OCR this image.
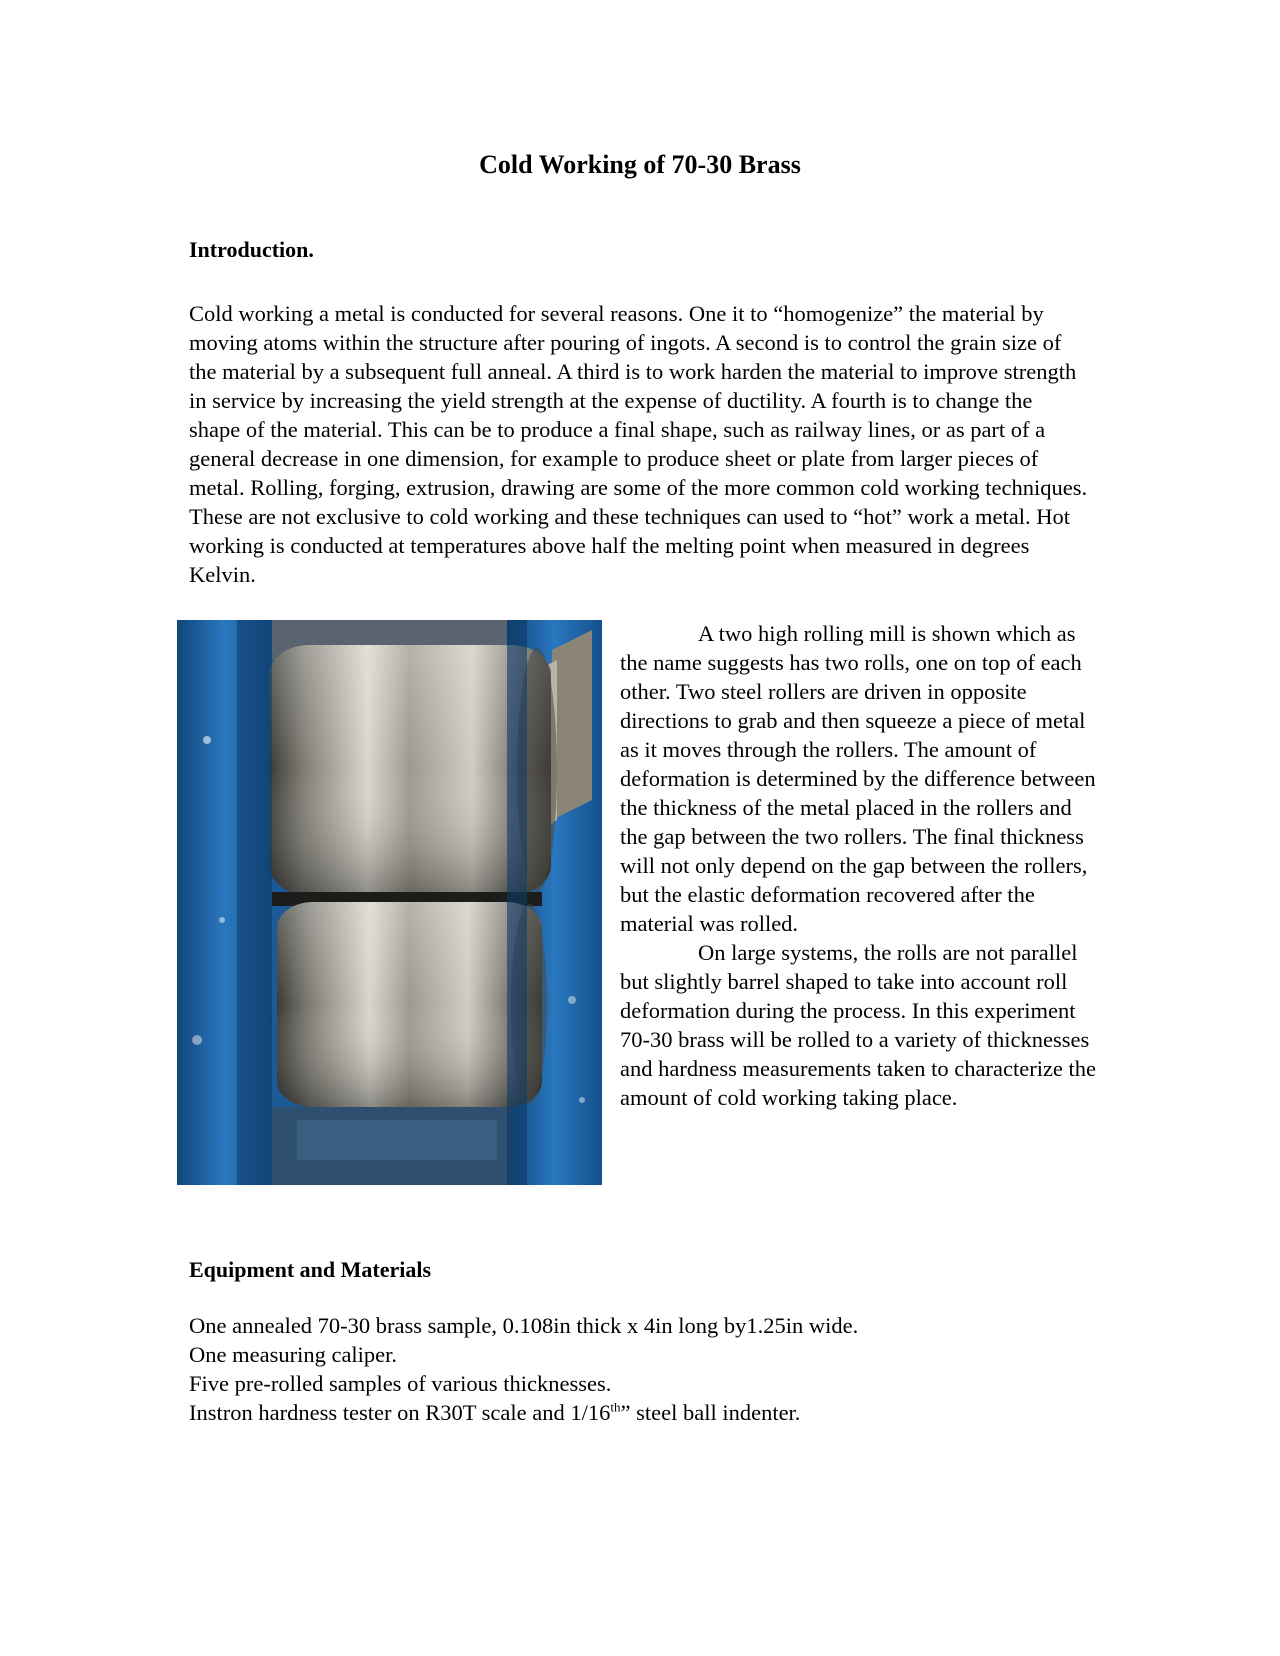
Cold Working of 70-30 Brass
Introduction.

Cold working a metal is conducted for several reasons. One it to “homogenize” the material by moving atoms within the structure after pouring of ingots. A second is to control the grain size of the material by a subsequent full anneal. A third is to work harden the material to improve strength in service by increasing the yield strength at the expense of ductility. A fourth is to change the shape of the material. This can be to produce a final shape, such as railway lines, or as part of a general decrease in one dimension, for example to produce sheet or plate from larger pieces of metal. Rolling, forging, extrusion, drawing are some of the more common cold working techniques. These are not exclusive to cold working and these techniques can used to “hot” work a metal. Hot working is conducted at temperatures above half the melting point when measured in degrees Kelvin.

A two high rolling mill is shown which as the name suggests has two rolls, one on top of each other. Two steel rollers are driven in opposite directions to grab and then squeeze a piece of metal as it moves through the rollers. The amount of deformation is determined by the difference between the thickness of the metal placed in the rollers and the gap between the two rollers. The final thickness will not only depend on the gap between the rollers, but the elastic deformation recovered after the material was rolled.

On large systems, the rolls are not parallel but slightly barrel shaped to take into account roll deformation during the process. In this experiment 70-30 brass will be rolled to a variety of thicknesses and hardness measurements taken to characterize the amount of cold working taking place.

Equipment and Materials
One annealed 70-30 brass sample, 0.108in thick x 4in long by1.25in wide.
One measuring caliper.
Five pre-rolled samples of various thicknesses.
Instron hardness tester on R30T scale and 1/16th” steel ball indenter.
